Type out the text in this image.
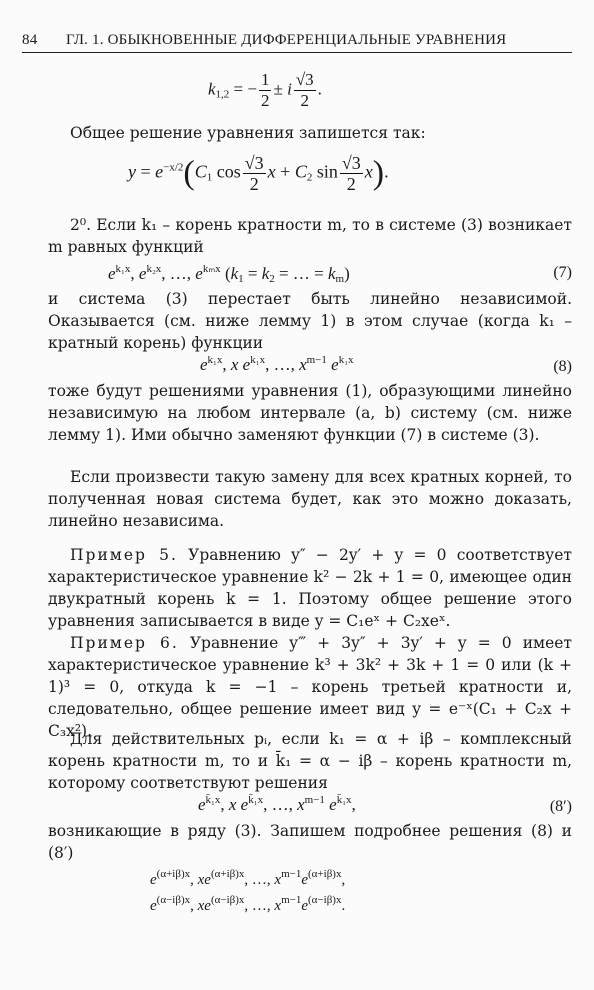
84 ГЛ. 1. ОБЫКНОВЕННЫЕ ДИФФЕРЕНЦИАЛЬНЫЕ УРАВНЕНИЯ
$k_{1,2}$ = − $\frac{1}{2} \pm i \frac{√3}{2}$ .
Общее решение уравнения запишется так:
$y = e^{-x/2}(C_1$ $\cos \frac{√3}{2}$ $x + C_2$ $\sin \frac{√3}{2} x$).
2⁰. Если k₁ – корень кратности m, то в системе (3) возникает m равных функций
$e^{k_1x}$, $e^{k_2x}$, …, $e^{k_mx}$ ($k_1 = k_2$ = … = $k_m$)	(7)
и система (3) перестает быть линейно независимой. Оказывается (см. ниже лемму 1) в этом случае (когда k₁ – кратный корень) функции
$e^{k_1x}$, x $e^{k_1x}$, …, $x^{m-1}$ $e^{k_1x}$	(8)
тоже будут решениями уравнения (1), образующими линейно независимую на любом интервале (a, b) систему (см. ниже лемму 1). Ими обычно заменяют функции (7) в системе (3).
Если произвести такую замену для всех кратных корней, то полученная новая система будет, как это можно доказать, линейно независима.
Пример 5. Уравнению y″ − 2y′ + y = 0 соответствует характеристическое уравнение k² − 2k + 1 = 0, имеющее один двукратный корень k = 1. Поэтому общее решение этого уравнения записывается в виде y = C₁eˣ + C₂xeˣ.
Пример 6. Уравнение y‴ + 3y″ + 3y′ + y = 0 имеет характеристическое уравнение k³ + 3k² + 3k + 1 = 0 или (k + 1)³ = 0, откуда k = −1 – корень третьей кратности и, следовательно, общее решение имеет вид y = e⁻ˣ(C₁ + C₂x + C₃x²).
Для действительных pᵢ, если k₁ = α + iβ – комплексный корень кратности m, то и k̄₁ = α − iβ – корень кратности m, которому соответствуют решения
$e^{k̄_1x}$, x $e^{k̄_1x}$, …, $x^{m-1}$ $e^{k̄_1x}$,	(8′)
возникающие в ряду (3). Запишем подробнее решения (8) и (8′)
$e^{(\alpha+i\beta)x}$, $xe^{(\alpha+i\beta)x}$, …, $x^{m-1}e^{(\alpha+i\beta)x}$,
$e^{(\alpha-i\beta)x}$, $xe^{(\alpha-i\beta)x}$, …, $x^{m-1}e^{(\alpha-i\beta)x}$.
